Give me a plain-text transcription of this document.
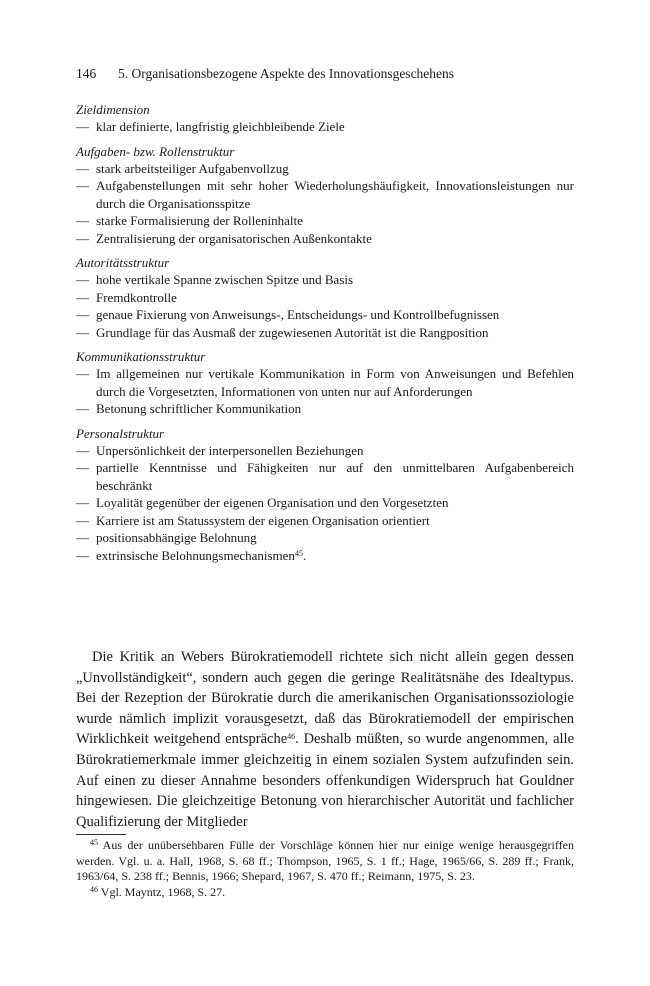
146 5. Organisationsbezogene Aspekte des Innovationsgeschehens
Zieldimension
— klar definierte, langfristig gleichbleibende Ziele
Aufgaben- bzw. Rollenstruktur
— stark arbeitsteiliger Aufgabenvollzug
— Aufgabenstellungen mit sehr hoher Wiederholungshäufigkeit, Innovationsleistungen nur durch die Organisationsspitze
— starke Formalisierung der Rolleninhalte
— Zentralisierung der organisatorischen Außenkontakte
Autoritätsstruktur
— hohe vertikale Spanne zwischen Spitze und Basis
— Fremdkontrolle
— genaue Fixierung von Anweisungs-, Entscheidungs- und Kontrollbefugnissen
— Grundlage für das Ausmaß der zugewiesenen Autorität ist die Rangposition
Kommunikationsstruktur
— Im allgemeinen nur vertikale Kommunikation in Form von Anweisungen und Befehlen durch die Vorgesetzten, Informationen von unten nur auf Anforderungen
— Betonung schriftlicher Kommunikation
Personalstruktur
— Unpersönlichkeit der interpersonellen Beziehungen
— partielle Kenntnisse und Fähigkeiten nur auf den unmittelbaren Aufgabenbereich beschränkt
— Loyalität gegenüber der eigenen Organisation und den Vorgesetzten
— Karriere ist am Statussystem der eigenen Organisation orientiert
— positionsabhängige Belohnung
— extrinsische Belohnungsmechanismen$^{45}$.

Die Kritik an Webers Bürokratiemodell richtete sich nicht allein gegen dessen „Unvollständigkeit“, sondern auch gegen die geringe Realitätsnähe des Idealtypus. Bei der Rezeption der Bürokratie durch die amerikanischen Organisationssoziologie wurde nämlich implizit vorausgesetzt, daß das Bürokratiemodell der empirischen Wirklichkeit weitgehend entspräche$^{46}$. Deshalb müßten, so wurde angenommen, alle Bürokratiemerkmale immer gleichzeitig in einem sozialen System aufzufinden sein. Auf einen zu dieser Annahme besonders offenkundigen Widerspruch hat Gouldner hingewiesen. Die gleichzeitige Betonung von hierarchischer Autorität und fachlicher Qualifizierung der Mitglieder

$^{45}$ Aus der unübersehbaren Fülle der Vorschläge können hier nur einige wenige herausgegriffen werden. Vgl. u. a. Hall, 1968, S. 68 ff.; Thompson, 1965, S. 1 ff.; Hage, 1965/66, S. 289 ff.; Frank, 1963/64, S. 238 ff.; Bennis, 1966; Shepard, 1967, S. 470 ff.; Reimann, 1975, S. 23.

$^{46}$ Vgl. Mayntz, 1968, S. 27.
